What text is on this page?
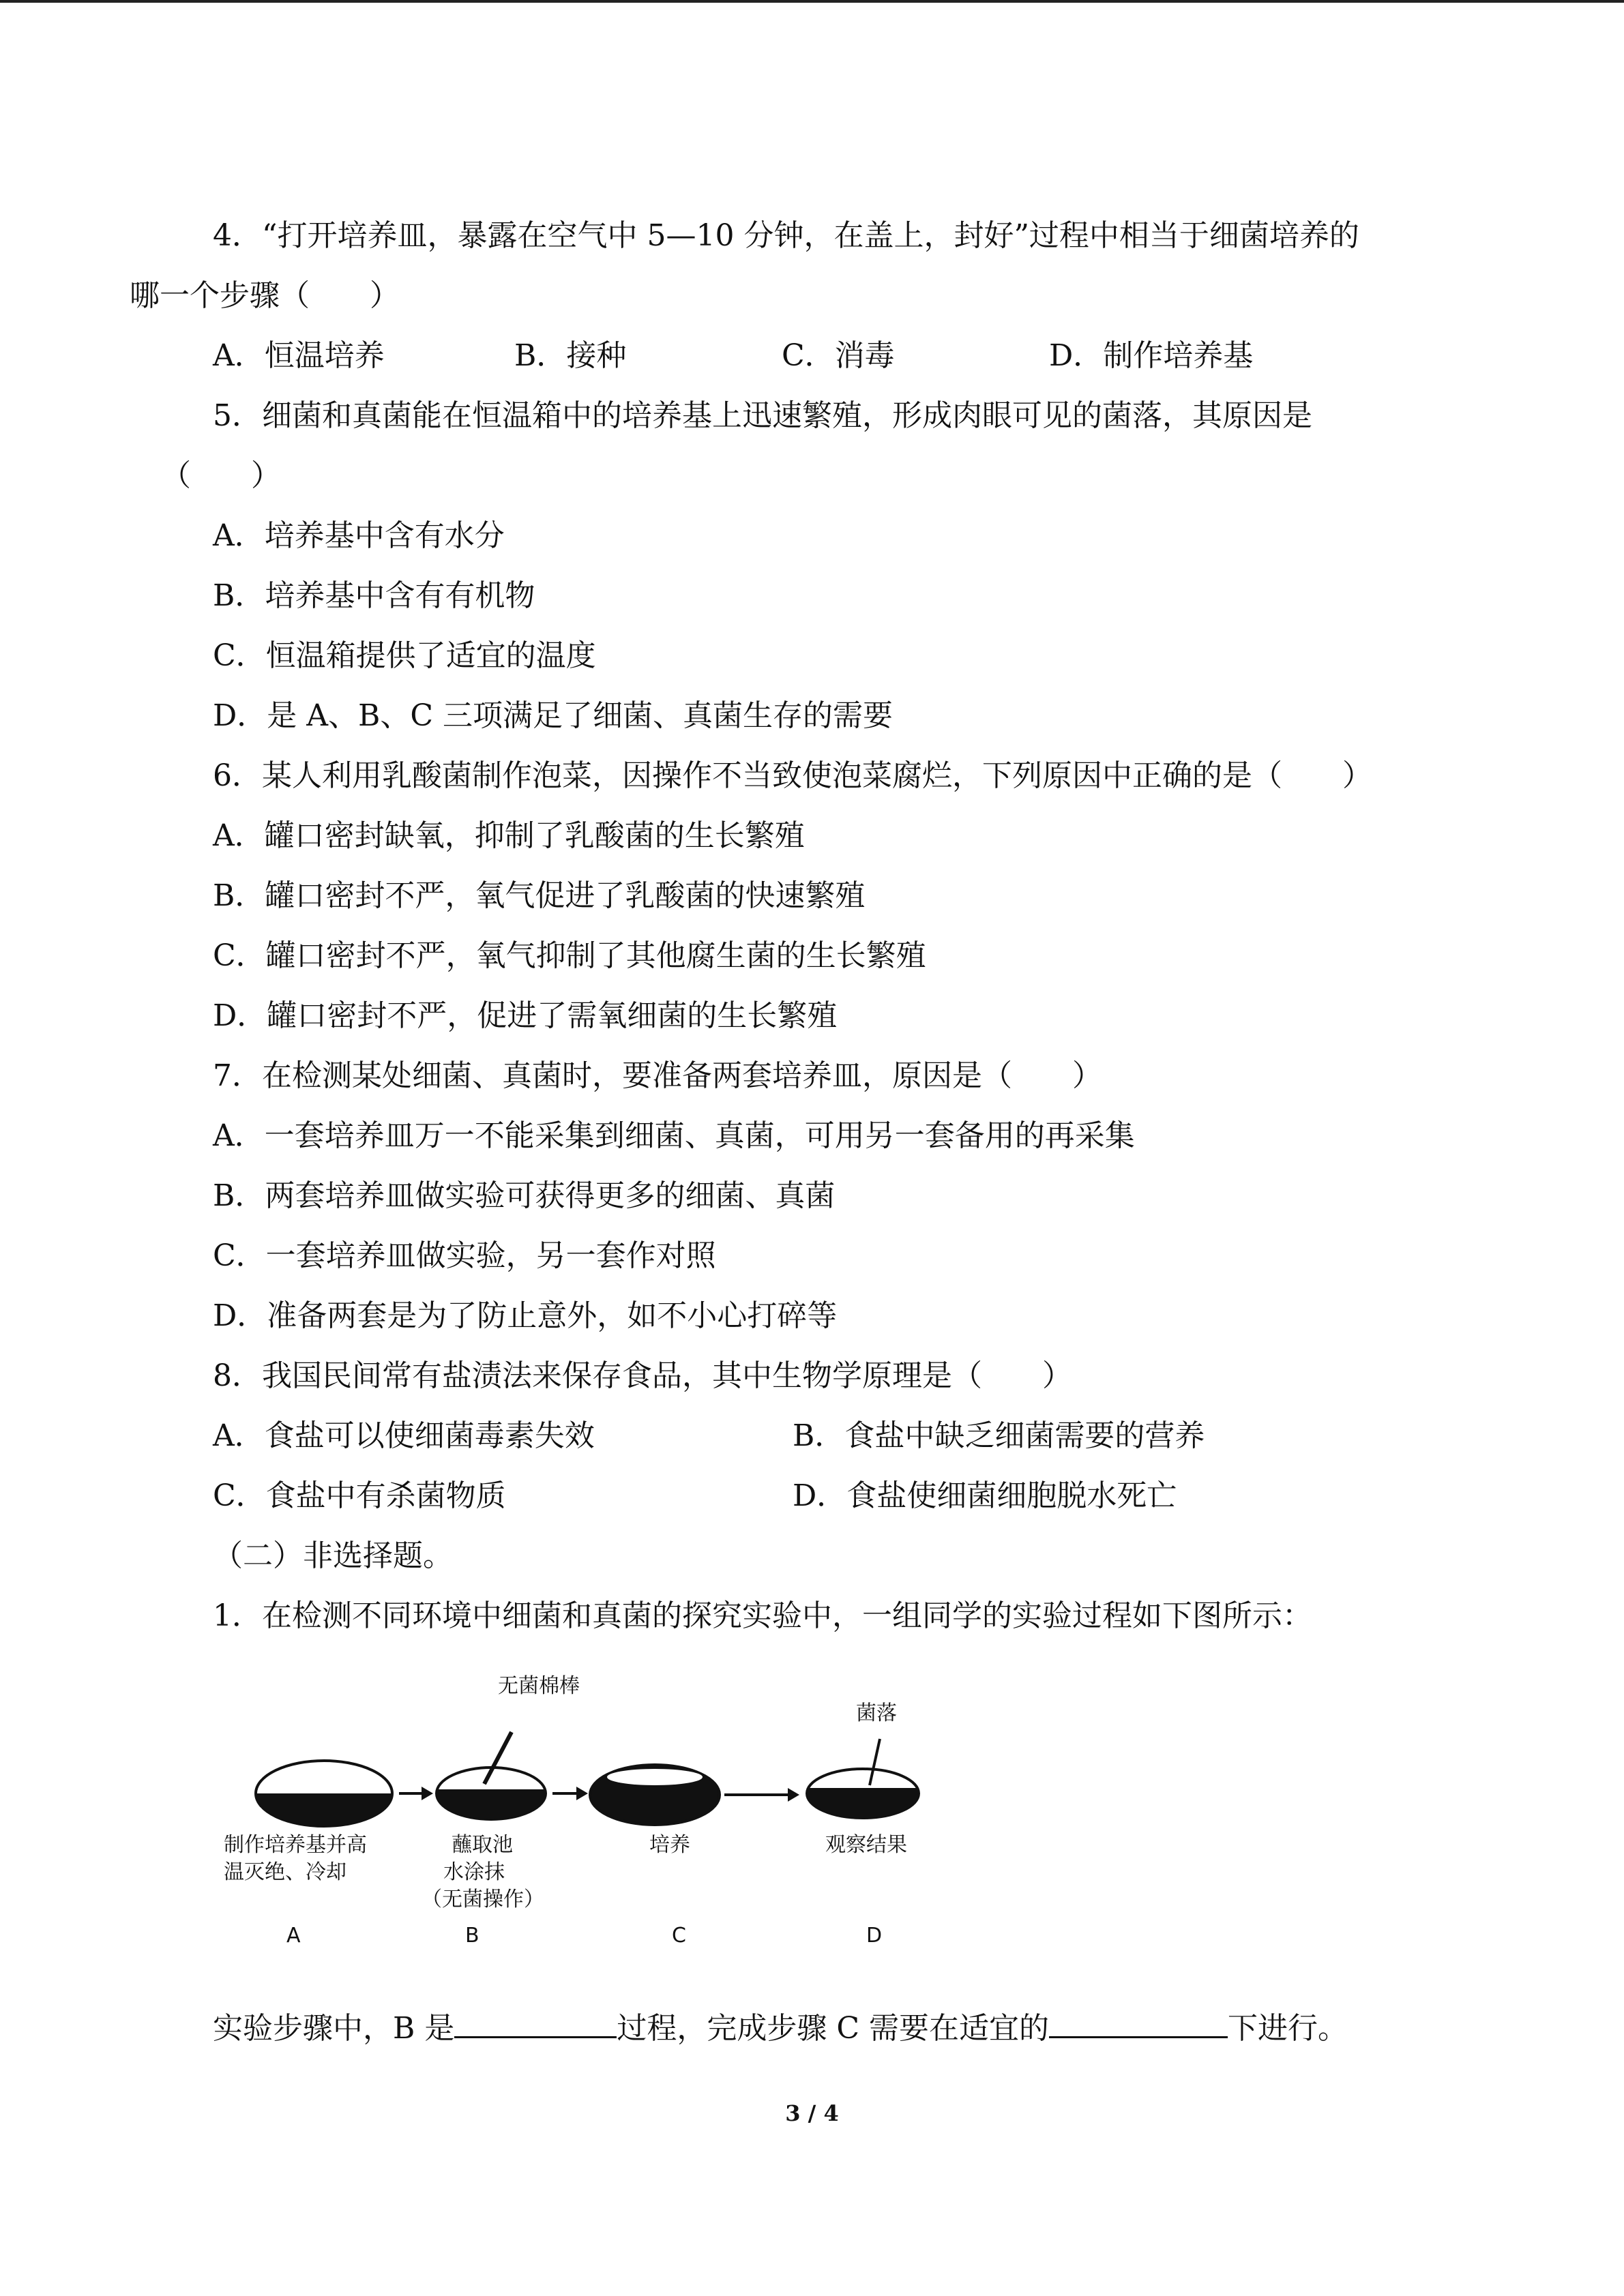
4．“打开培养皿，暴露在空气中 5—10 分钟，在盖上，封好”过程中相当于细菌培养的
哪一个步骤（　　）
A．恒温培养	B．接种	C．消毒	D．制作培养基
5．细菌和真菌能在恒温箱中的培养基上迅速繁殖，形成肉眼可见的菌落，其原因是
（　　）
A．培养基中含有水分
B．培养基中含有有机物
C．恒温箱提供了适宜的温度
D．是 A、B、C 三项满足了细菌、真菌生存的需要
6．某人利用乳酸菌制作泡菜，因操作不当致使泡菜腐烂，下列原因中正确的是（　　）
A．罐口密封缺氧，抑制了乳酸菌的生长繁殖
B．罐口密封不严，氧气促进了乳酸菌的快速繁殖
C．罐口密封不严，氧气抑制了其他腐生菌的生长繁殖
D．罐口密封不严，促进了需氧细菌的生长繁殖
7．在检测某处细菌、真菌时，要准备两套培养皿，原因是（　　）
A．一套培养皿万一不能采集到细菌、真菌，可用另一套备用的再采集
B．两套培养皿做实验可获得更多的细菌、真菌
C．一套培养皿做实验，另一套作对照
D．准备两套是为了防止意外，如不小心打碎等
8．我国民间常有盐渍法来保存食品，其中生物学原理是（　　）
A．食盐可以使细菌毒素失效	B．食盐中缺乏细菌需要的营养
C．食盐中有杀菌物质	D．食盐使细菌细胞脱水死亡
（二）非选择题。
1．在检测不同环境中细菌和真菌的探究实验中，一组同学的实验过程如下图所示：
无菌棉棒
菌落
制作培养基并高
温灭绝、冷却
蘸取池
水涂抹
（无菌操作）
培养	观察结果
A	B	C	D
实验步骤中，B 是	过程，完成步骤 C 需要在适宜的	下进行。
3 / 4
